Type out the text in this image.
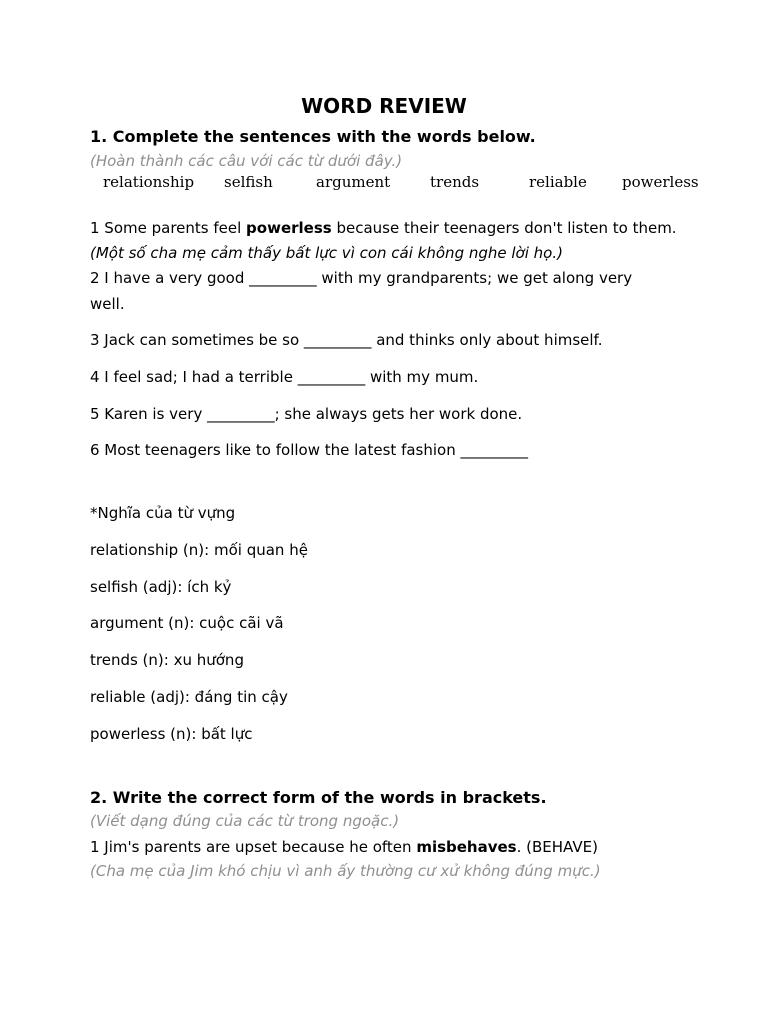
WORD REVIEW
1. Complete the sentences with the words below.
(Hoàn thành các câu với các từ dưới đây.)
relationship selfish	argument	trends	reliable powerless
1 Some parents feel powerless because their teenagers don't listen to them.
(Một số cha mẹ cảm thấy bất lực vì con cái không nghe lời họ.)
2 I have a very good _________ with my grandparents; we get along very
well.
3 Jack can sometimes be so _________ and thinks only about himself.
4 I feel sad; I had a terrible _________ with my mum.
5 Karen is very _________; she always gets her work done.
6 Most teenagers like to follow the latest fashion _________
*Nghĩa của từ vựng
relationship (n): mối quan hệ
selfish (adj): ích kỷ
argument (n): cuộc cãi vã
trends (n): xu hướng
reliable (adj): đáng tin cậy
powerless (n): bất lực
2. Write the correct form of the words in brackets.
(Viết dạng đúng của các từ trong ngoặc.)
1 Jim's parents are upset because he often misbehaves. (BEHAVE)
(Cha mẹ của Jim khó chịu vì anh ấy thường cư xử không đúng mực.)
